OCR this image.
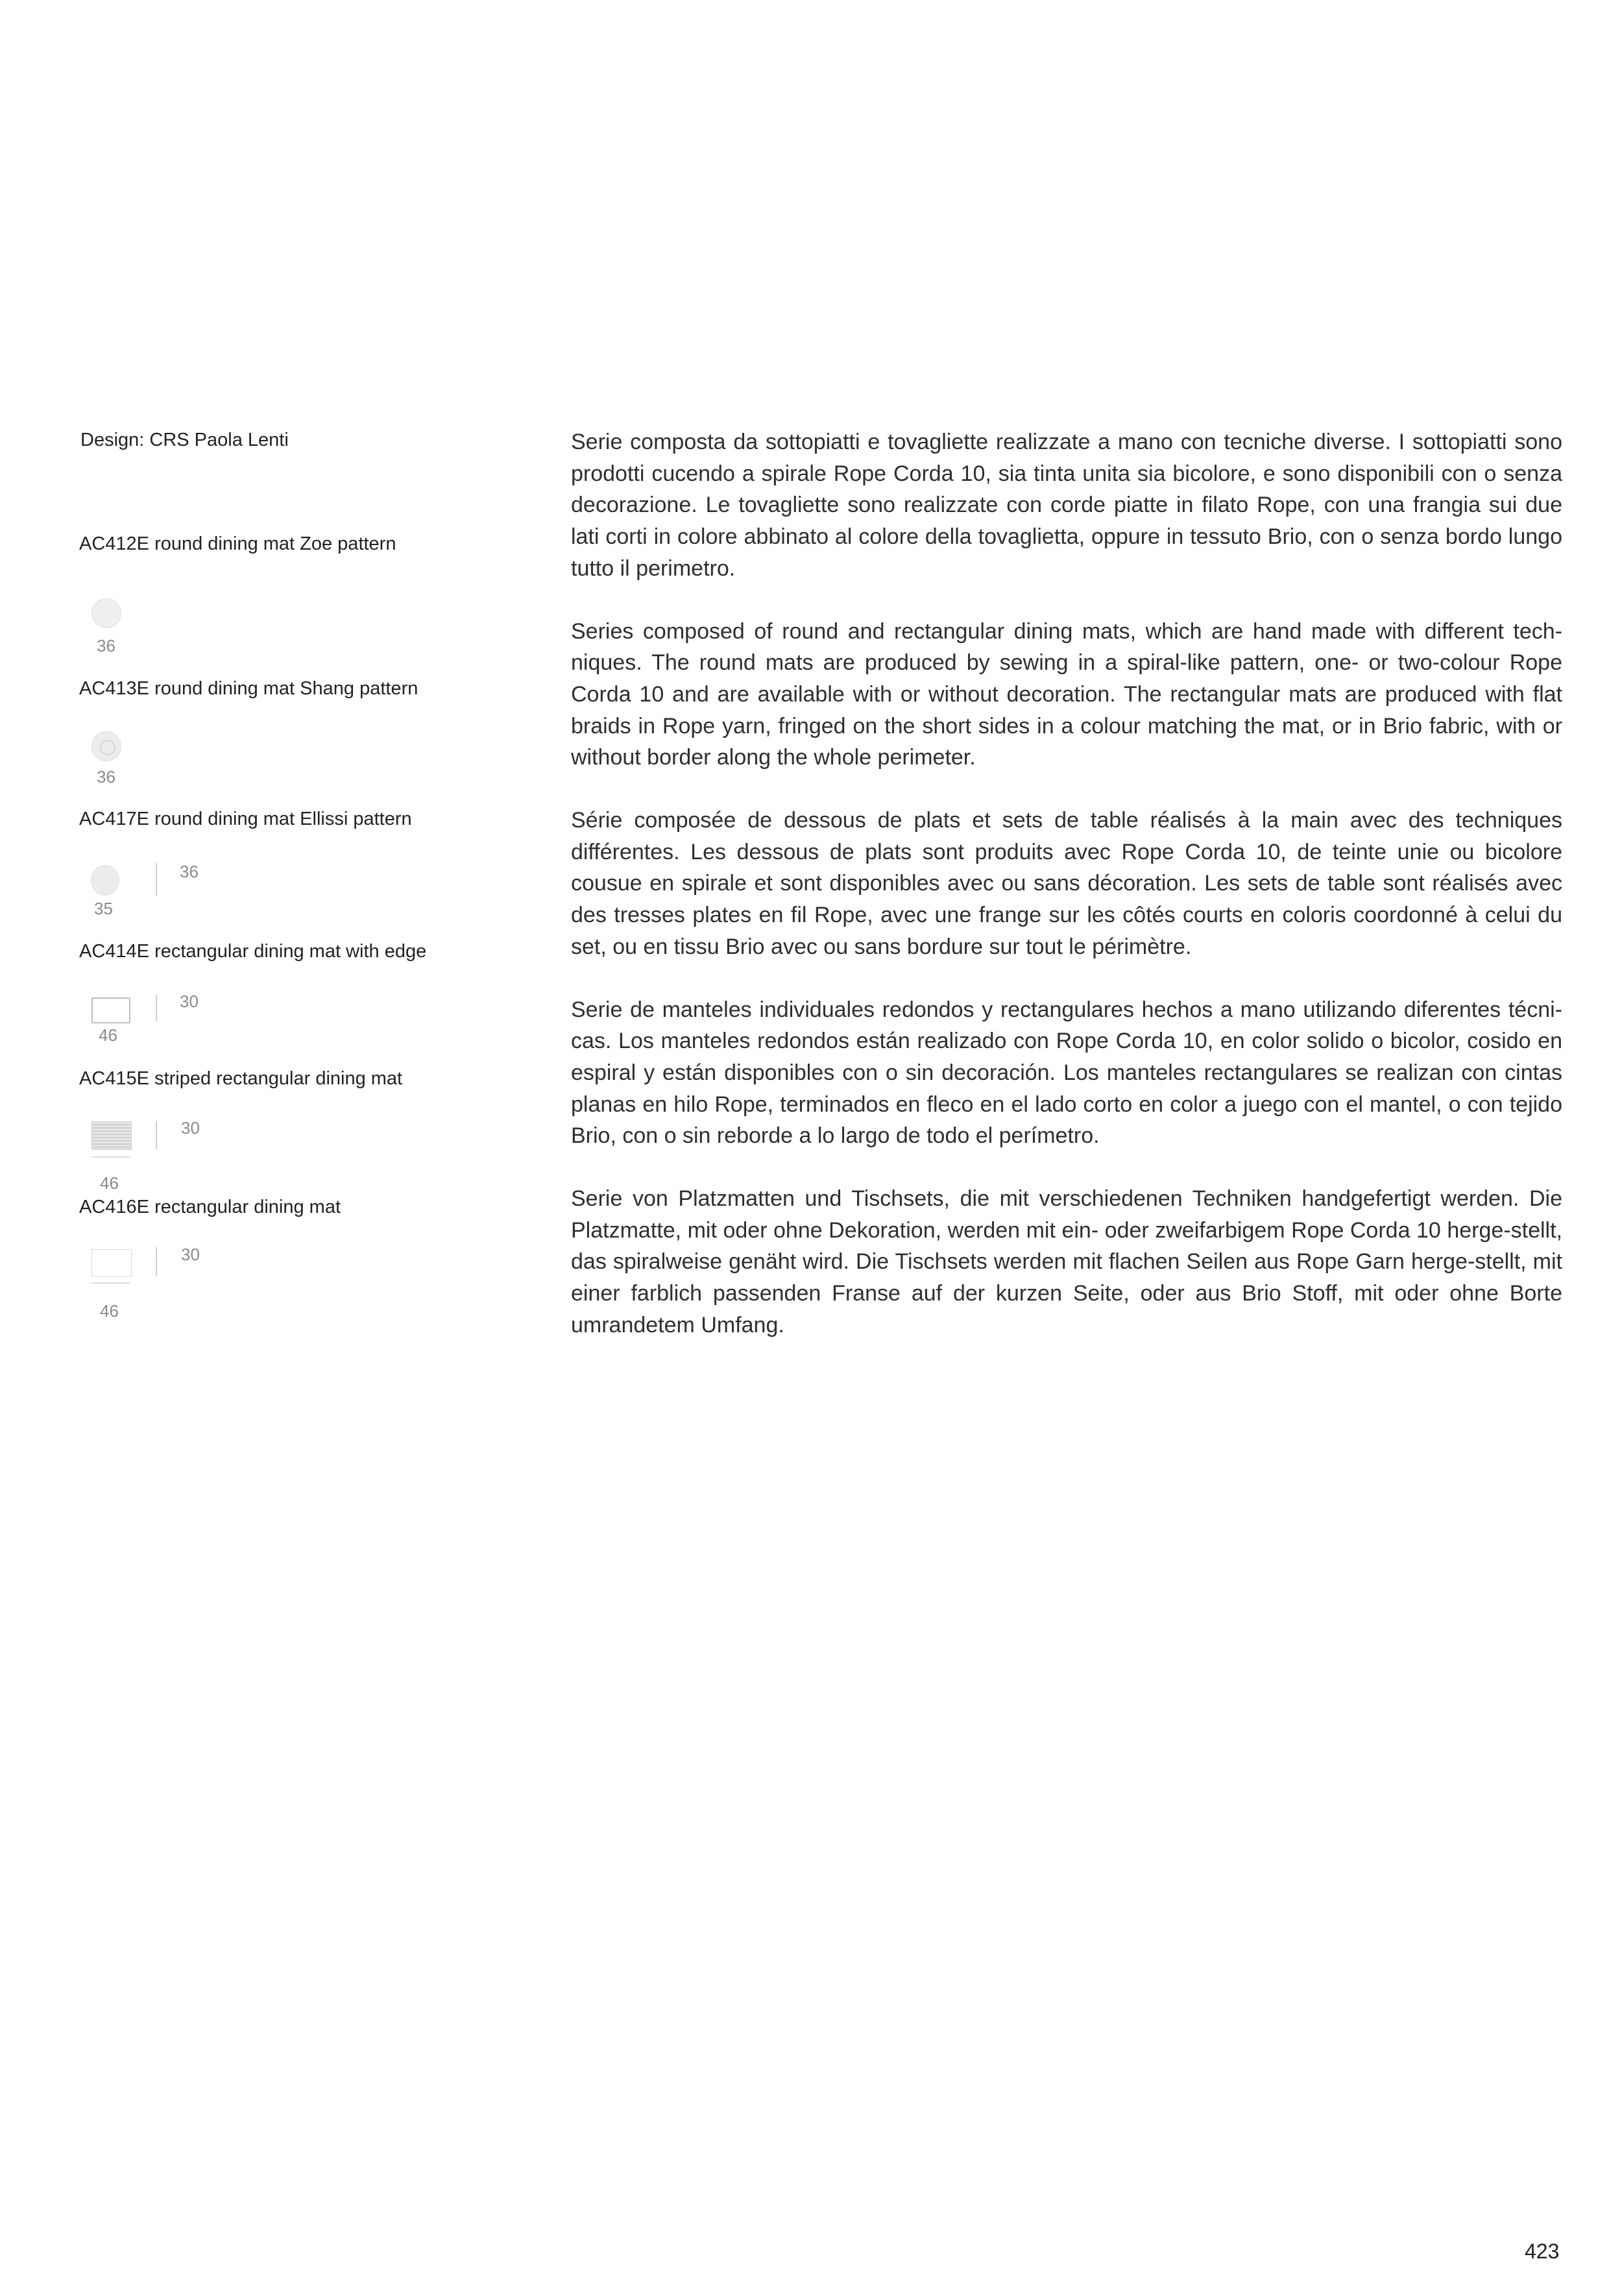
Design: CRS Paola Lenti
AC412E round dining mat Zoe pattern
36
AC413E round dining mat Shang pattern
36
AC417E round dining mat Ellissi pattern
35
36
AC414E rectangular dining mat with edge
46
30
AC415E striped rectangular dining mat
46
30
AC416E rectangular dining mat
46
30

Serie composta da sottopiatti e tovagliette realizzate a mano con tecniche diverse. I sottopiatti sono prodotti cucendo a spirale Rope Corda 10, sia tinta unita sia bicolore, e sono disponibili con o senza decorazione. Le tovagliette sono realizzate con corde piatte in filato Rope, con una frangia sui due lati corti in colore abbinato al colore della tovaglietta, oppure in tessuto Brio, con o senza bordo lungo tutto il perimetro.

Series composed of round and rectangular dining mats, which are hand made with different tech-niques. The round mats are produced by sewing in a spiral-like pattern, one- or two-colour Rope Corda 10 and are available with or without decoration. The rectangular mats are produced with flat braids in Rope yarn, fringed on the short sides in a colour matching the mat, or in Brio fabric, with or without border along the whole perimeter.

Série composée de dessous de plats et sets de table réalisés à la main avec des techniques différentes. Les dessous de plats sont produits avec Rope Corda 10, de teinte unie ou bicolore cousue en spirale et sont disponibles avec ou sans décoration. Les sets de table sont réalisés avec des tresses plates en fil Rope, avec une frange sur les côtés courts en coloris coordonné à celui du set, ou en tissu Brio avec ou sans bordure sur tout le périmètre.

Serie de manteles individuales redondos y rectangulares hechos a mano utilizando diferentes técni-cas. Los manteles redondos están realizado con Rope Corda 10, en color solido o bicolor, cosido en espiral y están disponibles con o sin decoración. Los manteles rectangulares se realizan con cintas planas en hilo Rope, terminados en fleco en el lado corto en color a juego con el mantel, o con tejido Brio, con o sin reborde a lo largo de todo el perímetro.

Serie von Platzmatten und Tischsets, die mit verschiedenen Techniken handgefertigt werden. Die Platzmatte, mit oder ohne Dekoration, werden mit ein- oder zweifarbigem Rope Corda 10 herge-stellt, das spiralweise genäht wird. Die Tischsets werden mit flachen Seilen aus Rope Garn herge-stellt, mit einer farblich passenden Franse auf der kurzen Seite, oder aus Brio Stoff, mit oder ohne Borte umrandetem Umfang.

423
